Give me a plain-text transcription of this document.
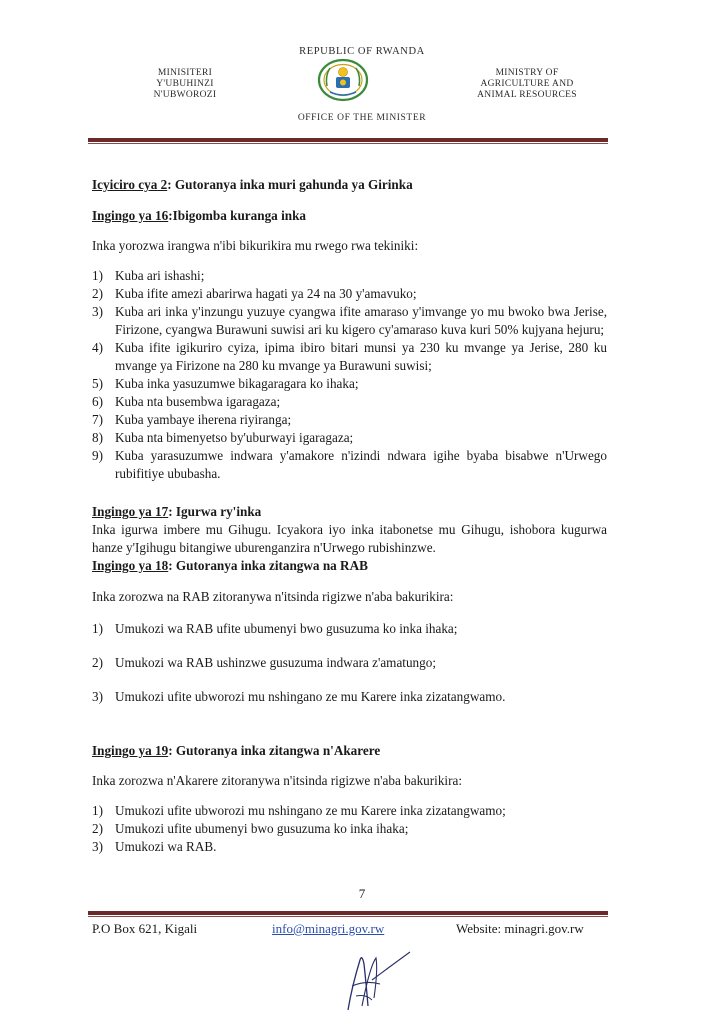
REPUBLIC OF RWANDA
MINISITERI
Y'UBUHINZI
N'UBWOROZI
MINISTRY OF
AGRICULTURE AND
ANIMAL RESOURCES
OFFICE OF THE MINISTER

Icyiciro cya 2: Gutoranya inka muri gahunda ya Girinka

Ingingo ya 16:Ibigomba kuranga inka

Inka yorozwa irangwa n'ibi bikurikira mu rwego rwa tekiniki:

1) Kuba ari ishashi;
2) Kuba ifite amezi abarirwa hagati ya 24 na 30 y'amavuko;
3) Kuba ari inka y'inzungu yuzuye cyangwa ifite amaraso y'imvange yo mu bwoko bwa Jerise, Firizone, cyangwa Burawuni suwisi ari ku kigero cy'amaraso kuva kuri 50% kujyana hejuru;
4) Kuba ifite igikuriro cyiza, ipima ibiro bitari munsi ya 230 ku mvange ya Jerise, 280 ku mvange ya Firizone na 280 ku mvange ya Burawuni suwisi;
5) Kuba inka yasuzumwe bikagaragara ko ihaka;
6) Kuba nta busembwa igaragaza;
7) Kuba yambaye iherena riyiranga;
8) Kuba nta bimenyetso by'uburwayi igaragaza;
9) Kuba yarasuzumwe indwara y'amakore n'izindi ndwara igihe byaba bisabwe n'Urwego rubifitiye ububasha.

Ingingo ya 17: Igurwa ry'inka

Inka igurwa imbere mu Gihugu. Icyakora iyo inka itabonetse mu Gihugu, ishobora kugurwa hanze y'Igihugu bitangiwe uburenganzira n'Urwego rubishinzwe.

Ingingo ya 18: Gutoranya inka zitangwa na RAB

Inka zorozwa na RAB zitoranywa n'itsinda rigizwe n'aba bakurikira:

1) Umukozi wa RAB ufite ubumenyi bwo gusuzuma ko inka ihaka;
2) Umukozi wa RAB ushinzwe gusuzuma indwara z'amatungo;
3) Umukozi ufite ubworozi mu nshingano ze mu Karere inka zizatangwamo.

Ingingo ya 19: Gutoranya inka zitangwa n'Akarere

Inka zorozwa n'Akarere zitoranywa n'itsinda rigizwe n'aba bakurikira:

1) Umukozi ufite ubworozi mu nshingano ze mu Karere inka zizatangwamo;
2) Umukozi ufite ubumenyi bwo gusuzuma ko inka ihaka;
3) Umukozi wa RAB.
7
P.O Box 621, Kigali	info@minagri.gov.rw	Website: minagri.gov.rw
